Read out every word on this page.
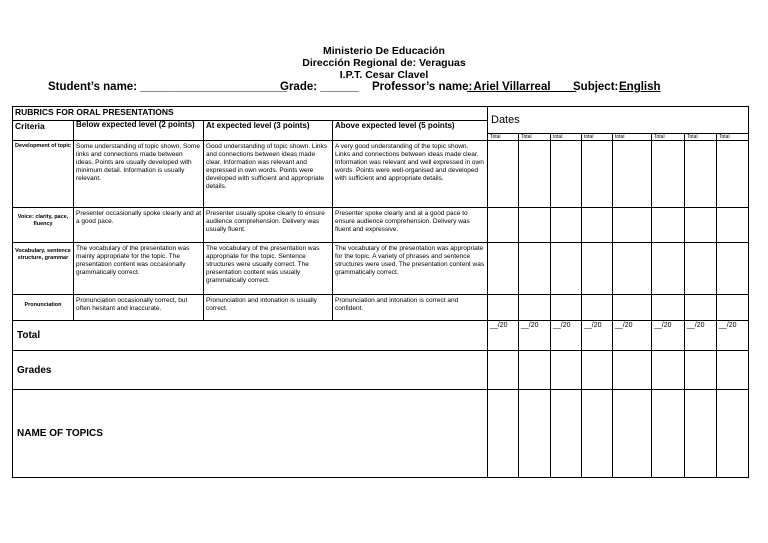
Ministerio De Educación
Dirección Regional de: Veraguas
I.P.T. Cesar Clavel
Student’s name: _______________________
Grade: ______ Professor’s name:
_Ariel Villarreal____
Subject: English
RUBRICS FOR ORAL PRESENTATIONS				Dates							
Criteria	Below expected level (2 points)	At expected level (3 points)	Above expected level (5 points)								
				Total	Total	total	total	total	Total	Total	Total
Development of topic	Some understanding of topic shown. Some links and connections made between ideas. Points are usually developed with minimum detail. Information is usually relevant.	Good understanding of topic shown. Links and connections between ideas made clear. Information was relevant and expressed in own words. Points were developed with sufficient and appropriate details.	A very good understanding of the topic shown. Links and connections between ideas made clear. Information was relevant and well expressed in own words. Points were well-organised and developed with sufficient and appropriate details.								
Voice: clarity, pace, fluency	Presenter occasionally spoke clearly and at a good pace.	Presenter usually spoke clearly to ensure audience comprehension. Delivery was usually fluent.	Presenter spoke clearly and at a good pace to ensure audience comprehension. Delivery was fluent and expressive.								
Vocabulary, sentence structure, grammar	The vocabulary of the presentation was mainly appropriate for the topic. The presentation content was occasionally grammatically correct.	The vocabulary of the presentation was appropriate for the topic. Sentence structures were usually correct. The presentation content was usually grammatically correct.	The vocabulary of the presentation was appropriate for the topic. A variety of phrases and sentence structures were used. The presentation content was grammatically correct.								
Pronunciation	Pronunciation occasionally correct, but often hesitant and inaccurate.	Pronunciation and intonation is usually correct.	Pronunciation and intonation is correct and confident.								
Total				__/20	__/20	__/20	__/20	__/20	__/20	__/20	__/20
Grades											
NAME OF TOPICS											
